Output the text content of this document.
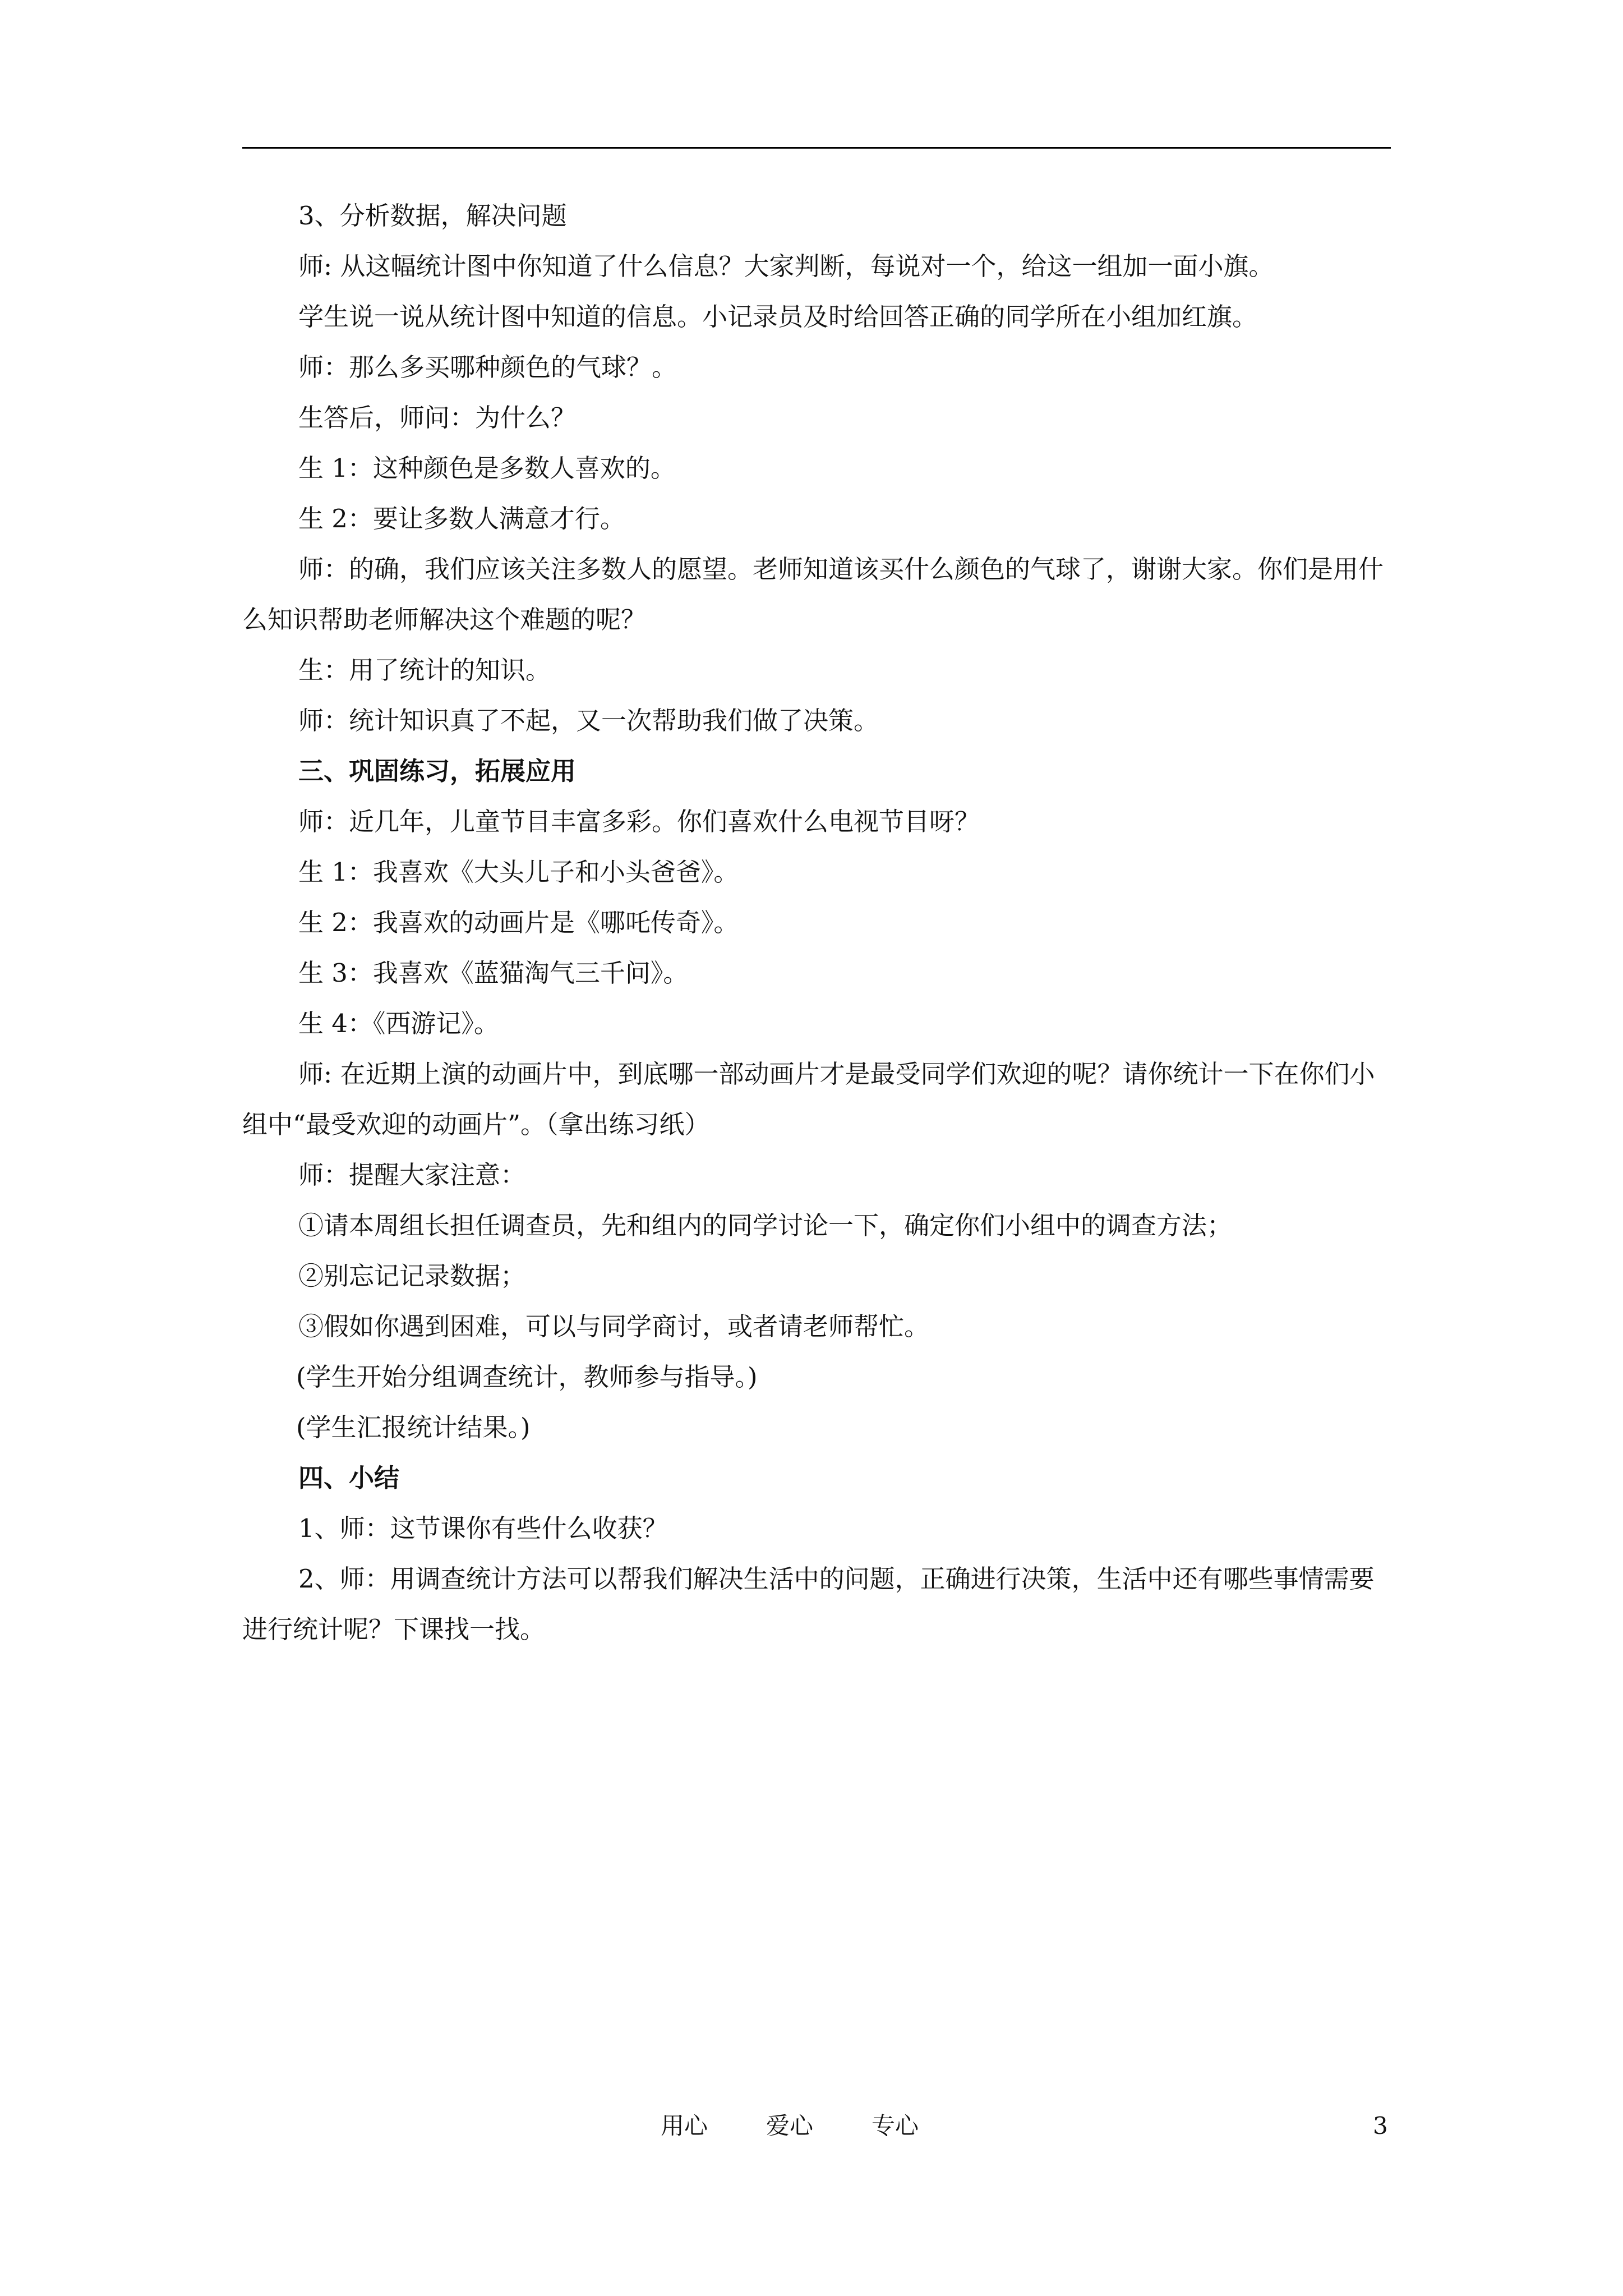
3、分析数据，解决问题

师: 从这幅统计图中你知道了什么信息？大家判断，每说对一个，给这一组加一面小旗。

学生说一说从统计图中知道的信息。小记录员及时给回答正确的同学所在小组加红旗。

师：那么多买哪种颜色的气球？。

生答后，师问：为什么？

生 1：这种颜色是多数人喜欢的。

生 2：要让多数人满意才行。

师：的确，我们应该关注多数人的愿望。老师知道该买什么颜色的气球了，谢谢大家。你们是用什么知识帮助老师解决这个难题的呢？

生：用了统计的知识。

师：统计知识真了不起，又一次帮助我们做了决策。

三、巩固练习，拓展应用

师：近几年，儿童节目丰富多彩。你们喜欢什么电视节目呀？

生 1：我喜欢《大头儿子和小头爸爸》。

生 2：我喜欢的动画片是《哪吒传奇》。

生 3：我喜欢《蓝猫淘气三千问》。

生 4：《西游记》。

师: 在近期上演的动画片中，到底哪一部动画片才是最受同学们欢迎的呢？请你统计一下在你们小组中“最受欢迎的动画片”。（拿出练习纸）

师：提醒大家注意：

①请本周组长担任调查员，先和组内的同学讨论一下，确定你们小组中的调查方法；

②别忘记记录数据；

③假如你遇到困难，可以与同学商讨，或者请老师帮忙。

(学生开始分组调查统计，教师参与指导。)

(学生汇报统计结果。)

四、小结

1、师：这节课你有些什么收获？

2、师：用调查统计方法可以帮我们解决生活中的问题，正确进行决策，生活中还有哪些事情需要进行统计呢？下课找一找。

用心 爱心 专心	3
